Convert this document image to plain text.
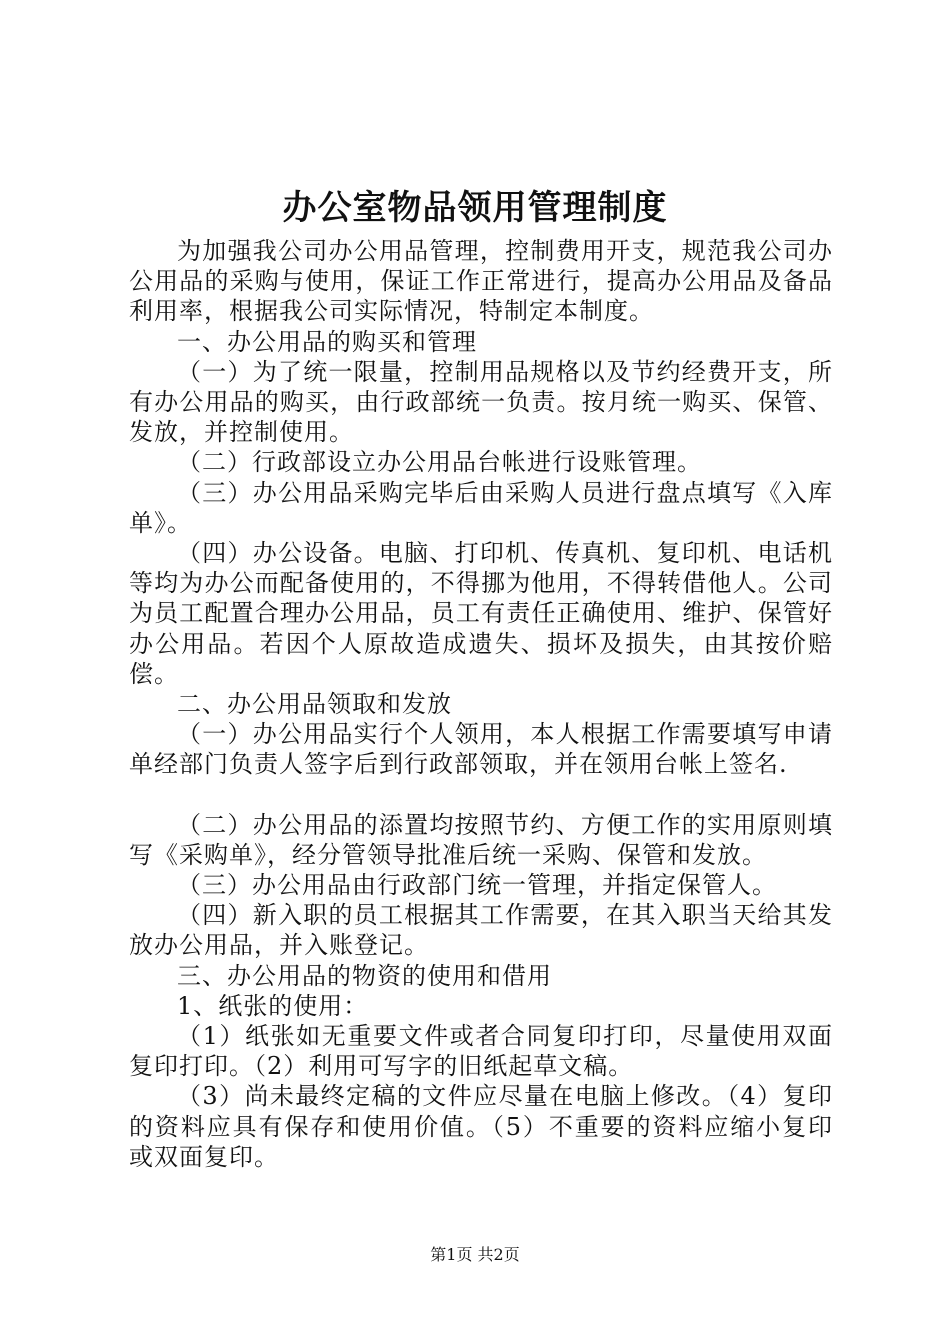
办公室物品领用管理制度

为加强我公司办公用品管理，控制费用开支，规范我公司办公用品的采购与使用，保证工作正常进行，提高办公用品及备品利用率，根据我公司实际情况，特制定本制度。

一、办公用品的购买和管理

（一）为了统一限量，控制用品规格以及节约经费开支，所有办公用品的购买，由行政部统一负责。按月统一购买、保管、发放，并控制使用。

（二）行政部设立办公用品台帐进行设账管理。

（三）办公用品采购完毕后由采购人员进行盘点填写《入库单》。

（四）办公设备。电脑、打印机、传真机、复印机、电话机等均为办公而配备使用的，不得挪为他用，不得转借他人。公司为员工配置合理办公用品，员工有责任正确使用、维护、保管好办公用品。若因个人原故造成遗失、损坏及损失，由其按价赔偿。

二、办公用品领取和发放

（一）办公用品实行个人领用，本人根据工作需要填写申请单经部门负责人签字后到行政部领取，并在领用台帐上签名.

（二）办公用品的添置均按照节约、方便工作的实用原则填写《采购单》，经分管领导批准后统一采购、保管和发放。

（三）办公用品由行政部门统一管理，并指定保管人。

（四）新入职的员工根据其工作需要，在其入职当天给其发放办公用品，并入账登记。

三、办公用品的物资的使用和借用

1、纸张的使用：

（1）纸张如无重要文件或者合同复印打印，尽量使用双面复印打印。（2）利用可写字的旧纸起草文稿。

（3）尚未最终定稿的文件应尽量在电脑上修改。（4）复印的资料应具有保存和使用价值。（5）不重要的资料应缩小复印或双面复印。

第1页 共2页
